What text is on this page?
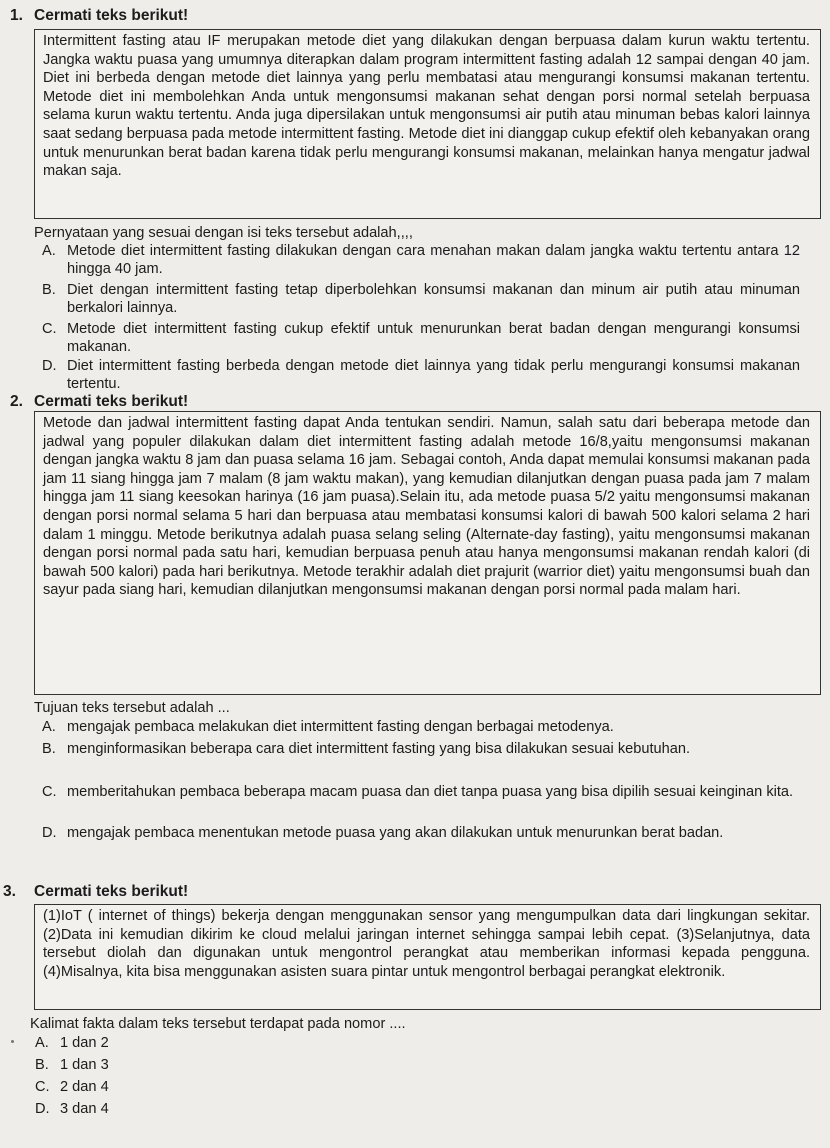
1. Cermati teks berikut!
Intermittent fasting atau IF merupakan metode diet yang dilakukan dengan berpuasa dalam kurun waktu tertentu. Jangka waktu puasa yang umumnya diterapkan dalam program intermittent fasting adalah 12 sampai dengan 40 jam. Diet ini berbeda dengan metode diet lainnya yang perlu membatasi atau mengurangi konsumsi makanan tertentu. Metode diet ini membolehkan Anda untuk mengonsumsi makanan sehat dengan porsi normal setelah berpuasa selama kurun waktu tertentu. Anda juga dipersilakan untuk mengonsumsi air putih atau minuman bebas kalori lainnya saat sedang berpuasa pada metode intermittent fasting. Metode diet ini dianggap cukup efektif oleh kebanyakan orang untuk menurunkan berat badan karena tidak perlu mengurangi konsumsi makanan, melainkan hanya mengatur jadwal makan saja.
Pernyataan yang sesuai dengan isi teks tersebut adalah,,,,
A. Metode diet intermittent fasting dilakukan dengan cara menahan makan dalam jangka waktu tertentu antara 12 hingga 40 jam.
B. Diet dengan intermittent fasting tetap diperbolehkan konsumsi makanan dan minum air putih atau minuman berkalori lainnya.
C. Metode diet intermittent fasting cukup efektif untuk menurunkan berat badan dengan mengurangi konsumsi makanan.
D. Diet intermittent fasting berbeda dengan metode diet lainnya yang tidak perlu mengurangi konsumsi makanan tertentu.
2. Cermati teks berikut!
Metode dan jadwal intermittent fasting dapat Anda tentukan sendiri. Namun, salah satu dari beberapa metode dan jadwal yang populer dilakukan dalam diet intermittent fasting adalah metode 16/8,yaitu mengonsumsi makanan dengan jangka waktu 8 jam dan puasa selama 16 jam. Sebagai contoh, Anda dapat memulai konsumsi makanan pada jam 11 siang hingga jam 7 malam (8 jam waktu makan), yang kemudian dilanjutkan dengan puasa pada jam 7 malam hingga jam 11 siang keesokan harinya (16 jam puasa).Selain itu, ada metode puasa 5/2 yaitu mengonsumsi makanan dengan porsi normal selama 5 hari dan berpuasa atau membatasi konsumsi kalori di bawah 500 kalori selama 2 hari dalam 1 minggu. Metode berikutnya adalah puasa selang seling (Alternate-day fasting), yaitu mengonsumsi makanan dengan porsi normal pada satu hari, kemudian berpuasa penuh atau hanya mengonsumsi makanan rendah kalori (di bawah 500 kalori) pada hari berikutnya. Metode terakhir adalah diet prajurit (warrior diet) yaitu mengonsumsi buah dan sayur pada siang hari, kemudian dilanjutkan mengonsumsi makanan dengan porsi normal pada malam hari.
Tujuan teks tersebut adalah ...
A. mengajak pembaca melakukan diet intermittent fasting dengan berbagai metodenya.
B. menginformasikan beberapa cara diet intermittent fasting yang bisa dilakukan sesuai kebutuhan.
C. memberitahukan pembaca beberapa macam puasa dan diet tanpa puasa yang bisa dipilih sesuai keinginan kita.
D. mengajak pembaca menentukan metode puasa yang akan dilakukan untuk menurunkan berat badan.
3. Cermati teks berikut!
(1)IoT ( internet of things) bekerja dengan menggunakan sensor yang mengumpulkan data dari lingkungan sekitar. (2)Data ini kemudian dikirim ke cloud melalui jaringan internet sehingga sampai lebih cepat. (3)Selanjutnya, data tersebut diolah dan digunakan untuk mengontrol perangkat atau memberikan informasi kepada pengguna. (4)Misalnya, kita bisa menggunakan asisten suara pintar untuk mengontrol berbagai perangkat elektronik.
Kalimat fakta dalam teks tersebut terdapat pada nomor ....
A. 1 dan 2
B. 1 dan 3
C. 2 dan 4
D. 3 dan 4
